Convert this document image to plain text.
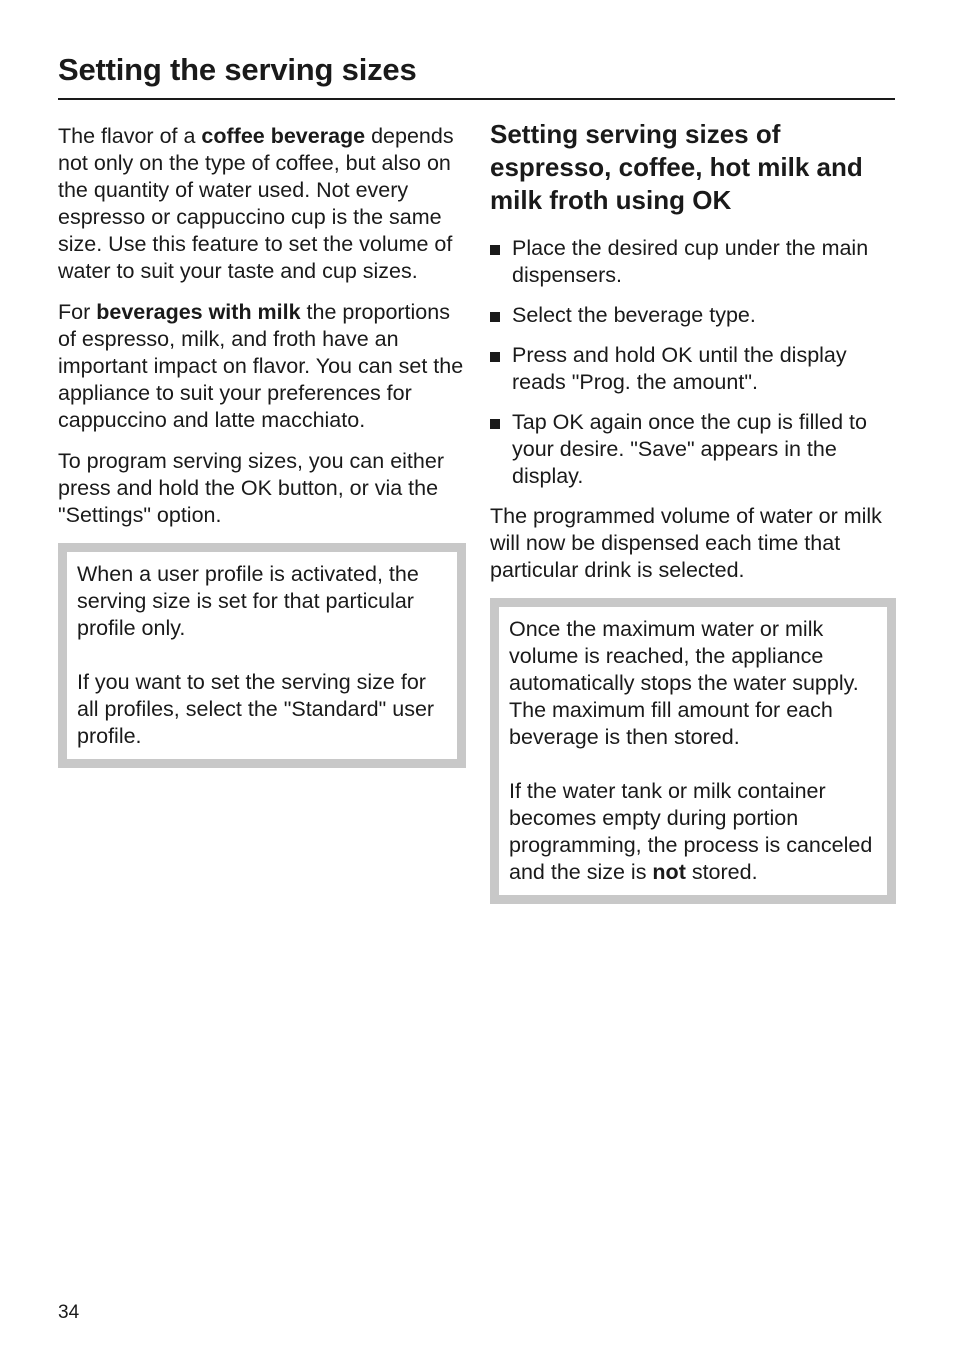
Setting the serving sizes

The flavor of a coffee beverage depends not only on the type of coffee, but also on the quantity of water used. Not every espresso or cappuccino cup is the same size. Use this feature to set the volume of water to suit your taste and cup sizes.

For beverages with milk the proportions of espresso, milk, and froth have an important impact on flavor. You can set the appliance to suit your preferences for cappuccino and latte macchiato.

To program serving sizes, you can either press and hold the OK button, or via the "Settings" option.

When a user profile is activated, the serving size is set for that particular profile only.

If you want to set the serving size for all profiles, select the "Standard" user profile.

Setting serving sizes of espresso, coffee, hot milk and milk froth using OK
Place the desired cup under the main dispensers.
Select the beverage type.
Press and hold OK until the display reads "Prog. the amount".
Tap OK again once the cup is filled to your desire. "Save" appears in the display.

The programmed volume of water or milk will now be dispensed each time that particular drink is selected.

Once the maximum water or milk volume is reached, the appliance automatically stops the water supply. The maximum fill amount for each beverage is then stored.

If the water tank or milk container becomes empty during portion programming, the process is canceled and the size is not stored.

34
